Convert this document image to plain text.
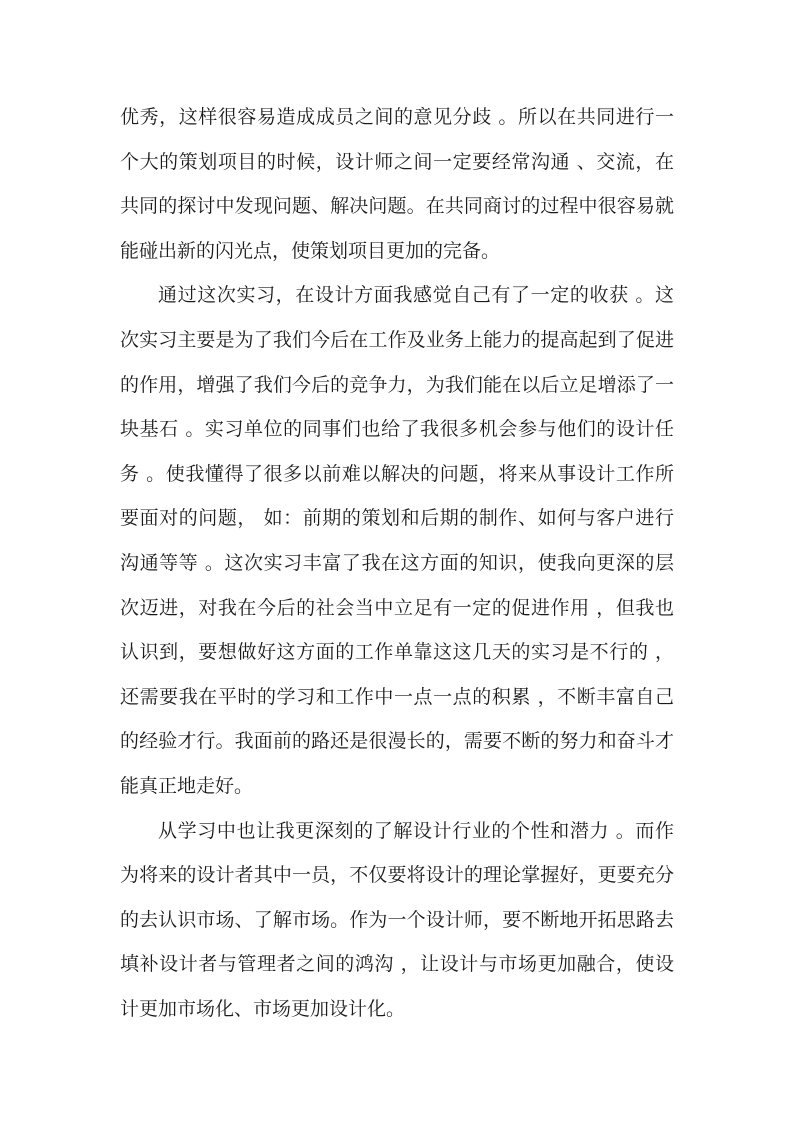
优秀，这样很容易造成成员之间的意见分歧 。所以在共同进行一个大的策划项目的时候，设计师之间一定要经常沟通 、交流，在共同的探讨中发现问题、解决问题。在共同商讨的过程中很容易就能碰出新的闪光点，使策划项目更加的完备。

通过这次实习，在设计方面我感觉自己有了一定的收获 。这次实习主要是为了我们今后在工作及业务上能力的提高起到了促进的作用，增强了我们今后的竞争力，为我们能在以后立足增添了一块基石 。实习单位的同事们也给了我很多机会参与他们的设计任务 。使我懂得了很多以前难以解决的问题，将来从事设计工作所要面对的问题， 如：前期的策划和后期的制作、如何与客户进行沟通等等 。这次实习丰富了我在这方面的知识，使我向更深的层次迈进，对我在今后的社会当中立足有一定的促进作用 ，但我也认识到，要想做好这方面的工作单靠这这几天的实习是不行的 ，还需要我在平时的学习和工作中一点一点的积累 ，不断丰富自己的经验才行。我面前的路还是很漫长的，需要不断的努力和奋斗才能真正地走好。

从学习中也让我更深刻的了解设计行业的个性和潜力 。而作为将来的设计者其中一员，不仅要将设计的理论掌握好，更要充分的去认识市场、了解市场。作为一个设计师，要不断地开拓思路去填补设计者与管理者之间的鸿沟 ，让设计与市场更加融合，使设计更加市场化、市场更加设计化。
